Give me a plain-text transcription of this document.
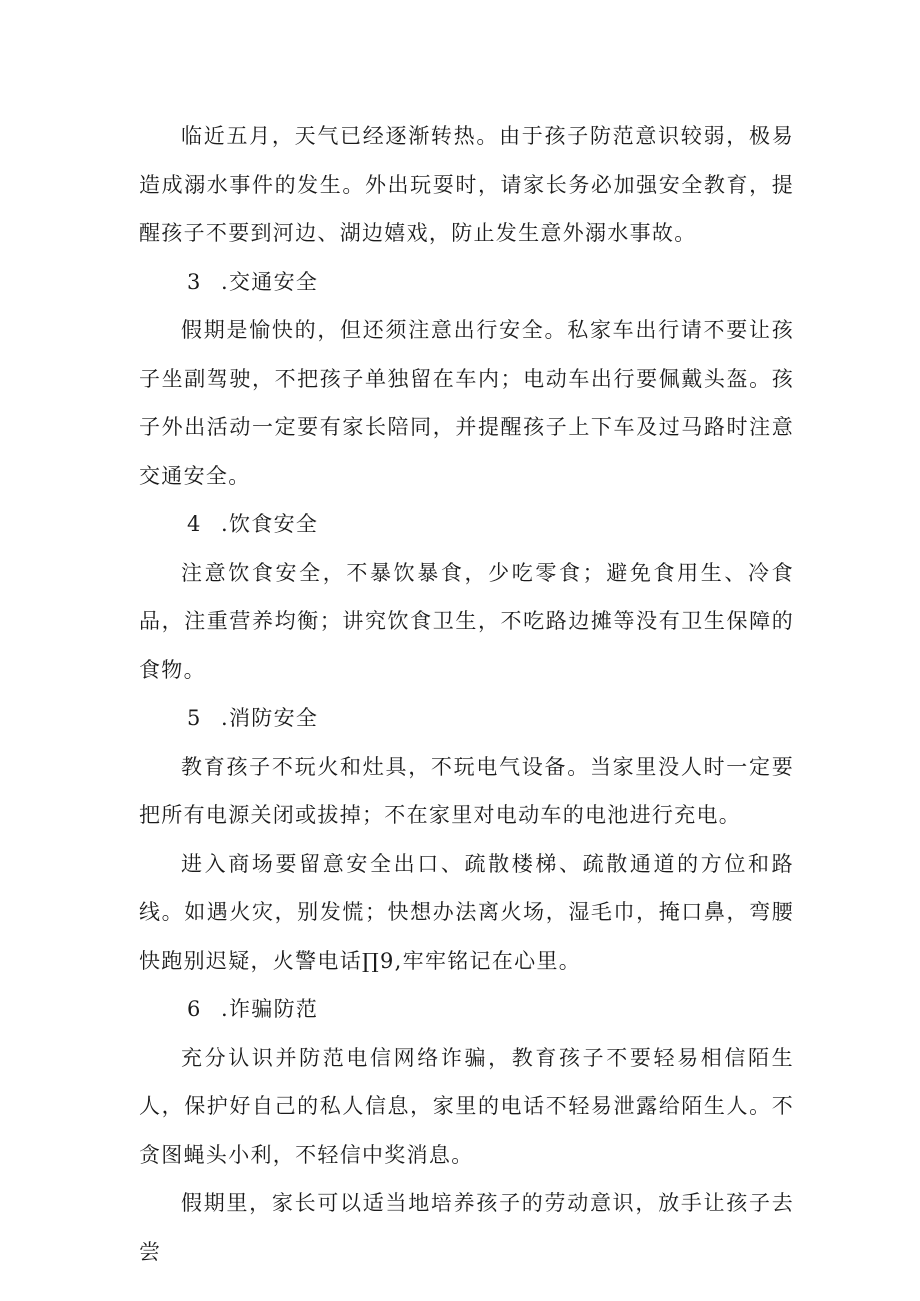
临近五月，天气已经逐渐转热。由于孩子防范意识较弱，极易造成溺水事件的发生。外出玩耍时，请家长务必加强安全教育，提醒孩子不要到河边、湖边嬉戏，防止发生意外溺水事故。

3 .交通安全

假期是愉快的，但还须注意出行安全。私家车出行请不要让孩子坐副驾驶，不把孩子单独留在车内；电动车出行要佩戴头盔。孩子外出活动一定要有家长陪同，并提醒孩子上下车及过马路时注意交通安全。

4 .饮食安全

注意饮食安全，不暴饮暴食，少吃零食；避免食用生、冷食品，注重营养均衡；讲究饮食卫生，不吃路边摊等没有卫生保障的食物。

5 .消防安全

教育孩子不玩火和灶具，不玩电气设备。当家里没人时一定要把所有电源关闭或拔掉；不在家里对电动车的电池进行充电。

进入商场要留意安全出口、疏散楼梯、疏散通道的方位和路线。如遇火灾，别发慌；快想办法离火场，湿毛巾，掩口鼻，弯腰快跑别迟疑，火警电话∏9,牢牢铭记在心里。

6 .诈骗防范

充分认识并防范电信网络诈骗，教育孩子不要轻易相信陌生人，保护好自己的私人信息，家里的电话不轻易泄露给陌生人。不贪图蝇头小利，不轻信中奖消息。

假期里，家长可以适当地培养孩子的劳动意识，放手让孩子去尝
